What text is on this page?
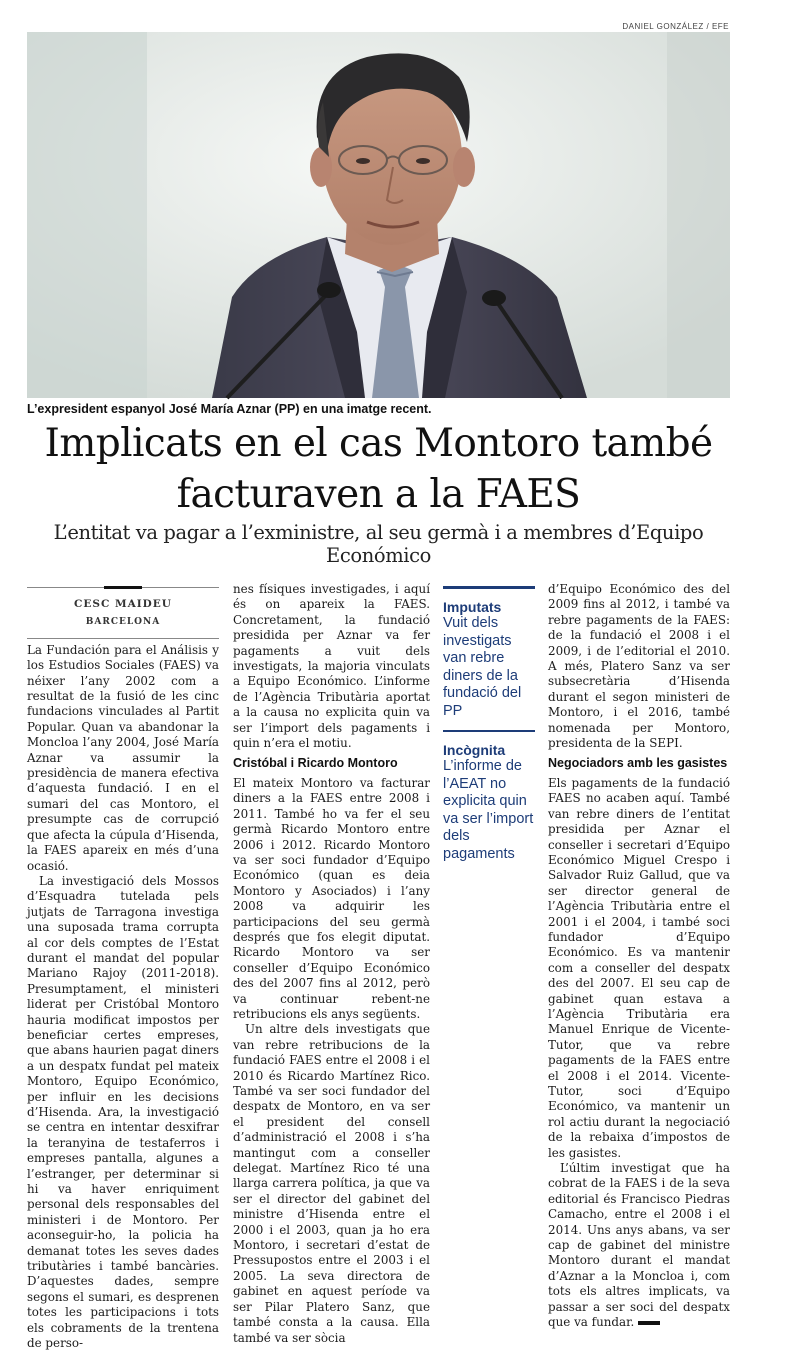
DANIEL GONZÁLEZ / EFE
L’expresident espanyol José María Aznar (PP) en una imatge recent.
Implicats en el cas Montoro també
facturaven a la FAES
L’entitat va pagar a l’exministre, al seu germà i a membres d’Equipo Económico
CESC MAIDEU
BARCELONA

La Fundación para el Análisis y los Estudios Sociales (FAES) va néixer l’any 2002 com a resultat de la fusió de les cinc fundacions vinculades al Partit Popular. Quan va abandonar la Moncloa l’any 2004, José María Aznar va assumir la presidència de manera efectiva d’aquesta fundació. I en el sumari del cas Montoro, el presumpte cas de corrupció que afecta la cúpula d’Hisenda, la FAES apareix en més d’una ocasió.

La investigació dels Mossos d’Esquadra tutelada pels jutjats de Tarragona investiga una suposada trama corrupta al cor dels comptes de l’Estat durant el mandat del popular Mariano Rajoy (2011-2018). Presumptament, el ministeri liderat per Cristóbal Montoro hauria modificat impostos per beneficiar certes empreses, que abans haurien pagat diners a un despatx fundat pel mateix Montoro, Equipo Económico, per influir en les decisions d’Hisenda. Ara, la investigació se centra en intentar desxifrar la teranyina de testaferros i empreses pantalla, algunes a l’estranger, per determinar si hi va haver enriquiment personal dels responsables del ministeri i de Montoro. Per aconseguir-ho, la policia ha demanat totes les seves dades tributàries i també bancàries. D’aquestes dades, sempre segons el sumari, es desprenen totes les participacions i tots els cobraments de la trentena de perso-

nes físiques investigades, i aquí és on apareix la FAES. Concretament, la fundació presidida per Aznar va fer pagaments a vuit dels investigats, la majoria vinculats a Equipo Económico. L’informe de l’Agència Tributària aportat a la causa no explicita quin va ser l’import dels pagaments i quin n’era el motiu.

Cristóbal i Ricardo Montoro

El mateix Montoro va facturar diners a la FAES entre 2008 i 2011. També ho va fer el seu germà Ricardo Montoro entre 2006 i 2012. Ricardo Montoro va ser soci fundador d’Equipo Económico (quan es deia Montoro y Asociados) i l’any 2008 va adquirir les participacions del seu germà després que fos elegit diputat. Ricardo Montoro va ser conseller d’Equipo Económico des del 2007 fins al 2012, però va continuar rebent-ne retribucions els anys següents.

Un altre dels investigats que van rebre retribucions de la fundació FAES entre el 2008 i el 2010 és Ricardo Martínez Rico. També va ser soci fundador del despatx de Montoro, en va ser el president del consell d’administració el 2008 i s’ha mantingut com a conseller delegat. Martínez Rico té una llarga carrera política, ja que va ser el director del gabinet del ministre d’Hisenda entre el 2000 i el 2003, quan ja ho era Montoro, i secretari d’estat de Pressupostos entre el 2003 i el 2005. La seva directora de gabinet en aquest període va ser Pilar Platero Sanz, que també consta a la causa. Ella també va ser sòcia

Imputats
Vuit dels investigats van rebre diners de la fundació del PP
Incògnita
L’informe de l’AEAT no explicita quin va ser l’import dels pagaments

d’Equipo Económico des del 2009 fins al 2012, i també va rebre pagaments de la FAES: de la fundació el 2008 i el 2009, i de l’editorial el 2010. A més, Platero Sanz va ser subsecretària d’Hisenda durant el segon ministeri de Montoro, i el 2016, també nomenada per Montoro, presidenta de la SEPI.

Negociadors amb les gasistes

Els pagaments de la fundació FAES no acaben aquí. També van rebre diners de l’entitat presidida per Aznar el conseller i secretari d’Equipo Económico Miguel Crespo i Salvador Ruiz Gallud, que va ser director general de l’Agència Tributària entre el 2001 i el 2004, i també soci fundador d’Equipo Económico. Es va mantenir com a conseller del despatx des del 2007. El seu cap de gabinet quan estava a l’Agència Tributària era Manuel Enrique de Vicente-Tutor, que va rebre pagaments de la FAES entre el 2008 i el 2014. Vicente-Tutor, soci d’Equipo Económico, va mantenir un rol actiu durant la negociació de la rebaixa d’impostos de les gasistes.

L’últim investigat que ha cobrat de la FAES i de la seva editorial és Francisco Piedras Camacho, entre el 2008 i el 2014. Uns anys abans, va ser cap de gabinet del ministre Montoro durant el mandat d’Aznar a la Moncloa i, com tots els altres implicats, va passar a ser soci del despatx que va fundar.
